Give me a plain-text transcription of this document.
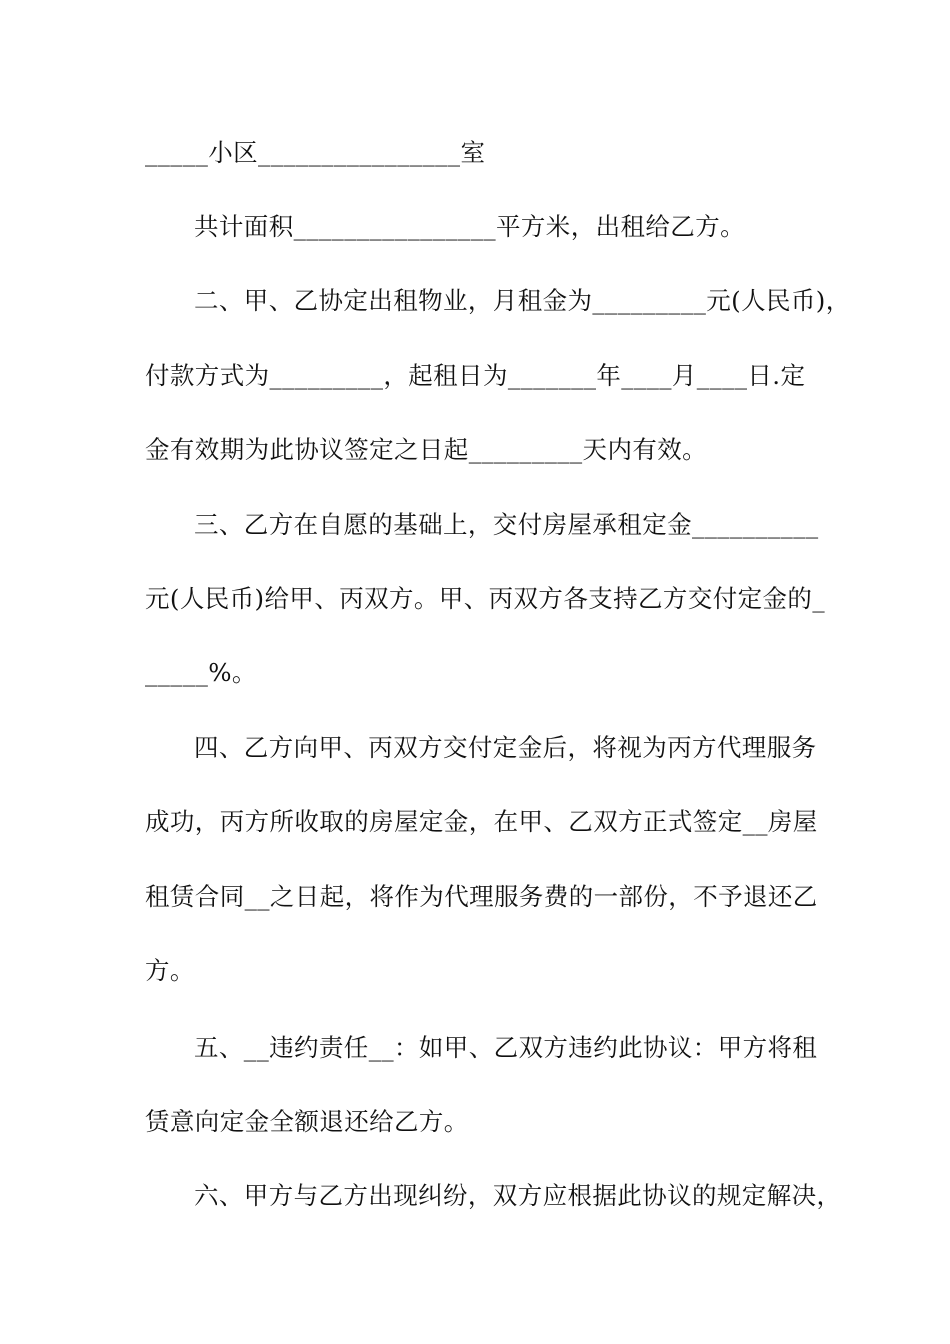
_____小区________________室
共计面积________________平方米，出租给乙方。
二、甲、乙协定出租物业，月租金为_________元(人民币)，
付款方式为_________，起租日为_______年____月____日.定
金有效期为此协议签定之日起_________天内有效。
三、乙方在自愿的基础上，交付房屋承租定金__________
元(人民币)给甲、丙双方。甲、丙双方各支持乙方交付定金的_
_____%。
四、乙方向甲、丙双方交付定金后，将视为丙方代理服务
成功，丙方所收取的房屋定金，在甲、乙双方正式签定__房屋
租赁合同__之日起，将作为代理服务费的一部份，不予退还乙
方。
五、__违约责任__：如甲、乙双方违约此协议：甲方将租
赁意向定金全额退还给乙方。
六、甲方与乙方出现纠纷，双方应根据此协议的规定解决，
